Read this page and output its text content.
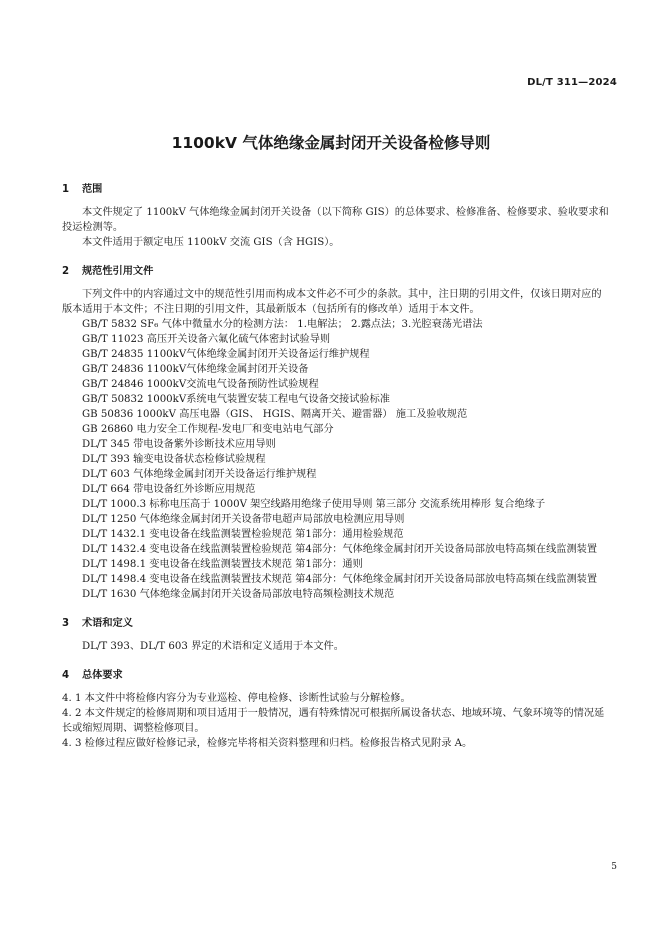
DL/T 311—2024
1100kV 气体绝缘金属封闭开关设备检修导则
1 范围

本文件规定了 1100kV 气体绝缘金属封闭开关设备（以下简称 GIS）的总体要求、检修准备、检修要求、验收要求和投运检测等。

本文件适用于额定电压 1100kV 交流 GIS（含 HGIS）。

2 规范性引用文件

下列文件中的内容通过文中的规范性引用而构成本文件必不可少的条款。其中，注日期的引用文件，仅该日期对应的版本适用于本文件；不注日期的引用文件，其最新版本（包括所有的修改单）适用于本文件。

GB/T 5832 SF₆ 气体中微量水分的检测方法： 1.电解法； 2.露点法；3.光腔衰荡光谱法

GB/T 11023 高压开关设备六氟化硫气体密封试验导则

GB/T 24835 1100kV气体绝缘金属封闭开关设备运行维护规程

GB/T 24836 1100kV气体绝缘金属封闭开关设备

GB/T 24846 1000kV交流电气设备预防性试验规程

GB/T 50832 1000kV系统电气装置安装工程电气设备交接试验标准

GB 50836 1000kV 高压电器（GIS、 HGIS、隔离开关、避雷器） 施工及验收规范

GB 26860 电力安全工作规程-发电厂和变电站电气部分

DL/T 345 带电设备紫外诊断技术应用导则

DL/T 393 输变电设备状态检修试验规程

DL/T 603 气体绝缘金属封闭开关设备运行维护规程

DL/T 664 带电设备红外诊断应用规范

DL/T 1000.3 标称电压高于 1000V 架空线路用绝缘子使用导则 第三部分 交流系统用棒形 复合绝缘子

DL/T 1250 气体绝缘金属封闭开关设备带电超声局部放电检测应用导则

DL/T 1432.1 变电设备在线监测装置检验规范 第1部分：通用检验规范

DL/T 1432.4 变电设备在线监测装置检验规范 第4部分：气体绝缘金属封闭开关设备局部放电特高频在线监测装置

DL/T 1498.1 变电设备在线监测装置技术规范 第1部分：通则

DL/T 1498.4 变电设备在线监测装置技术规范 第4部分：气体绝缘金属封闭开关设备局部放电特高频在线监测装置

DL/T 1630 气体绝缘金属封闭开关设备局部放电特高频检测技术规范

3 术语和定义

DL/T 393、DL/T 603 界定的术语和定义适用于本文件。

4 总体要求

4. 1 本文件中将检修内容分为专业巡检、停电检修、诊断性试验与分解检修。

4. 2 本文件规定的检修周期和项目适用于一般情况，遇有特殊情况可根据所属设备状态、地域环境、气象环境等的情况延长或缩短周期、调整检修项目。

4. 3 检修过程应做好检修记录，检修完毕将相关资料整理和归档。检修报告格式见附录 A。

5
